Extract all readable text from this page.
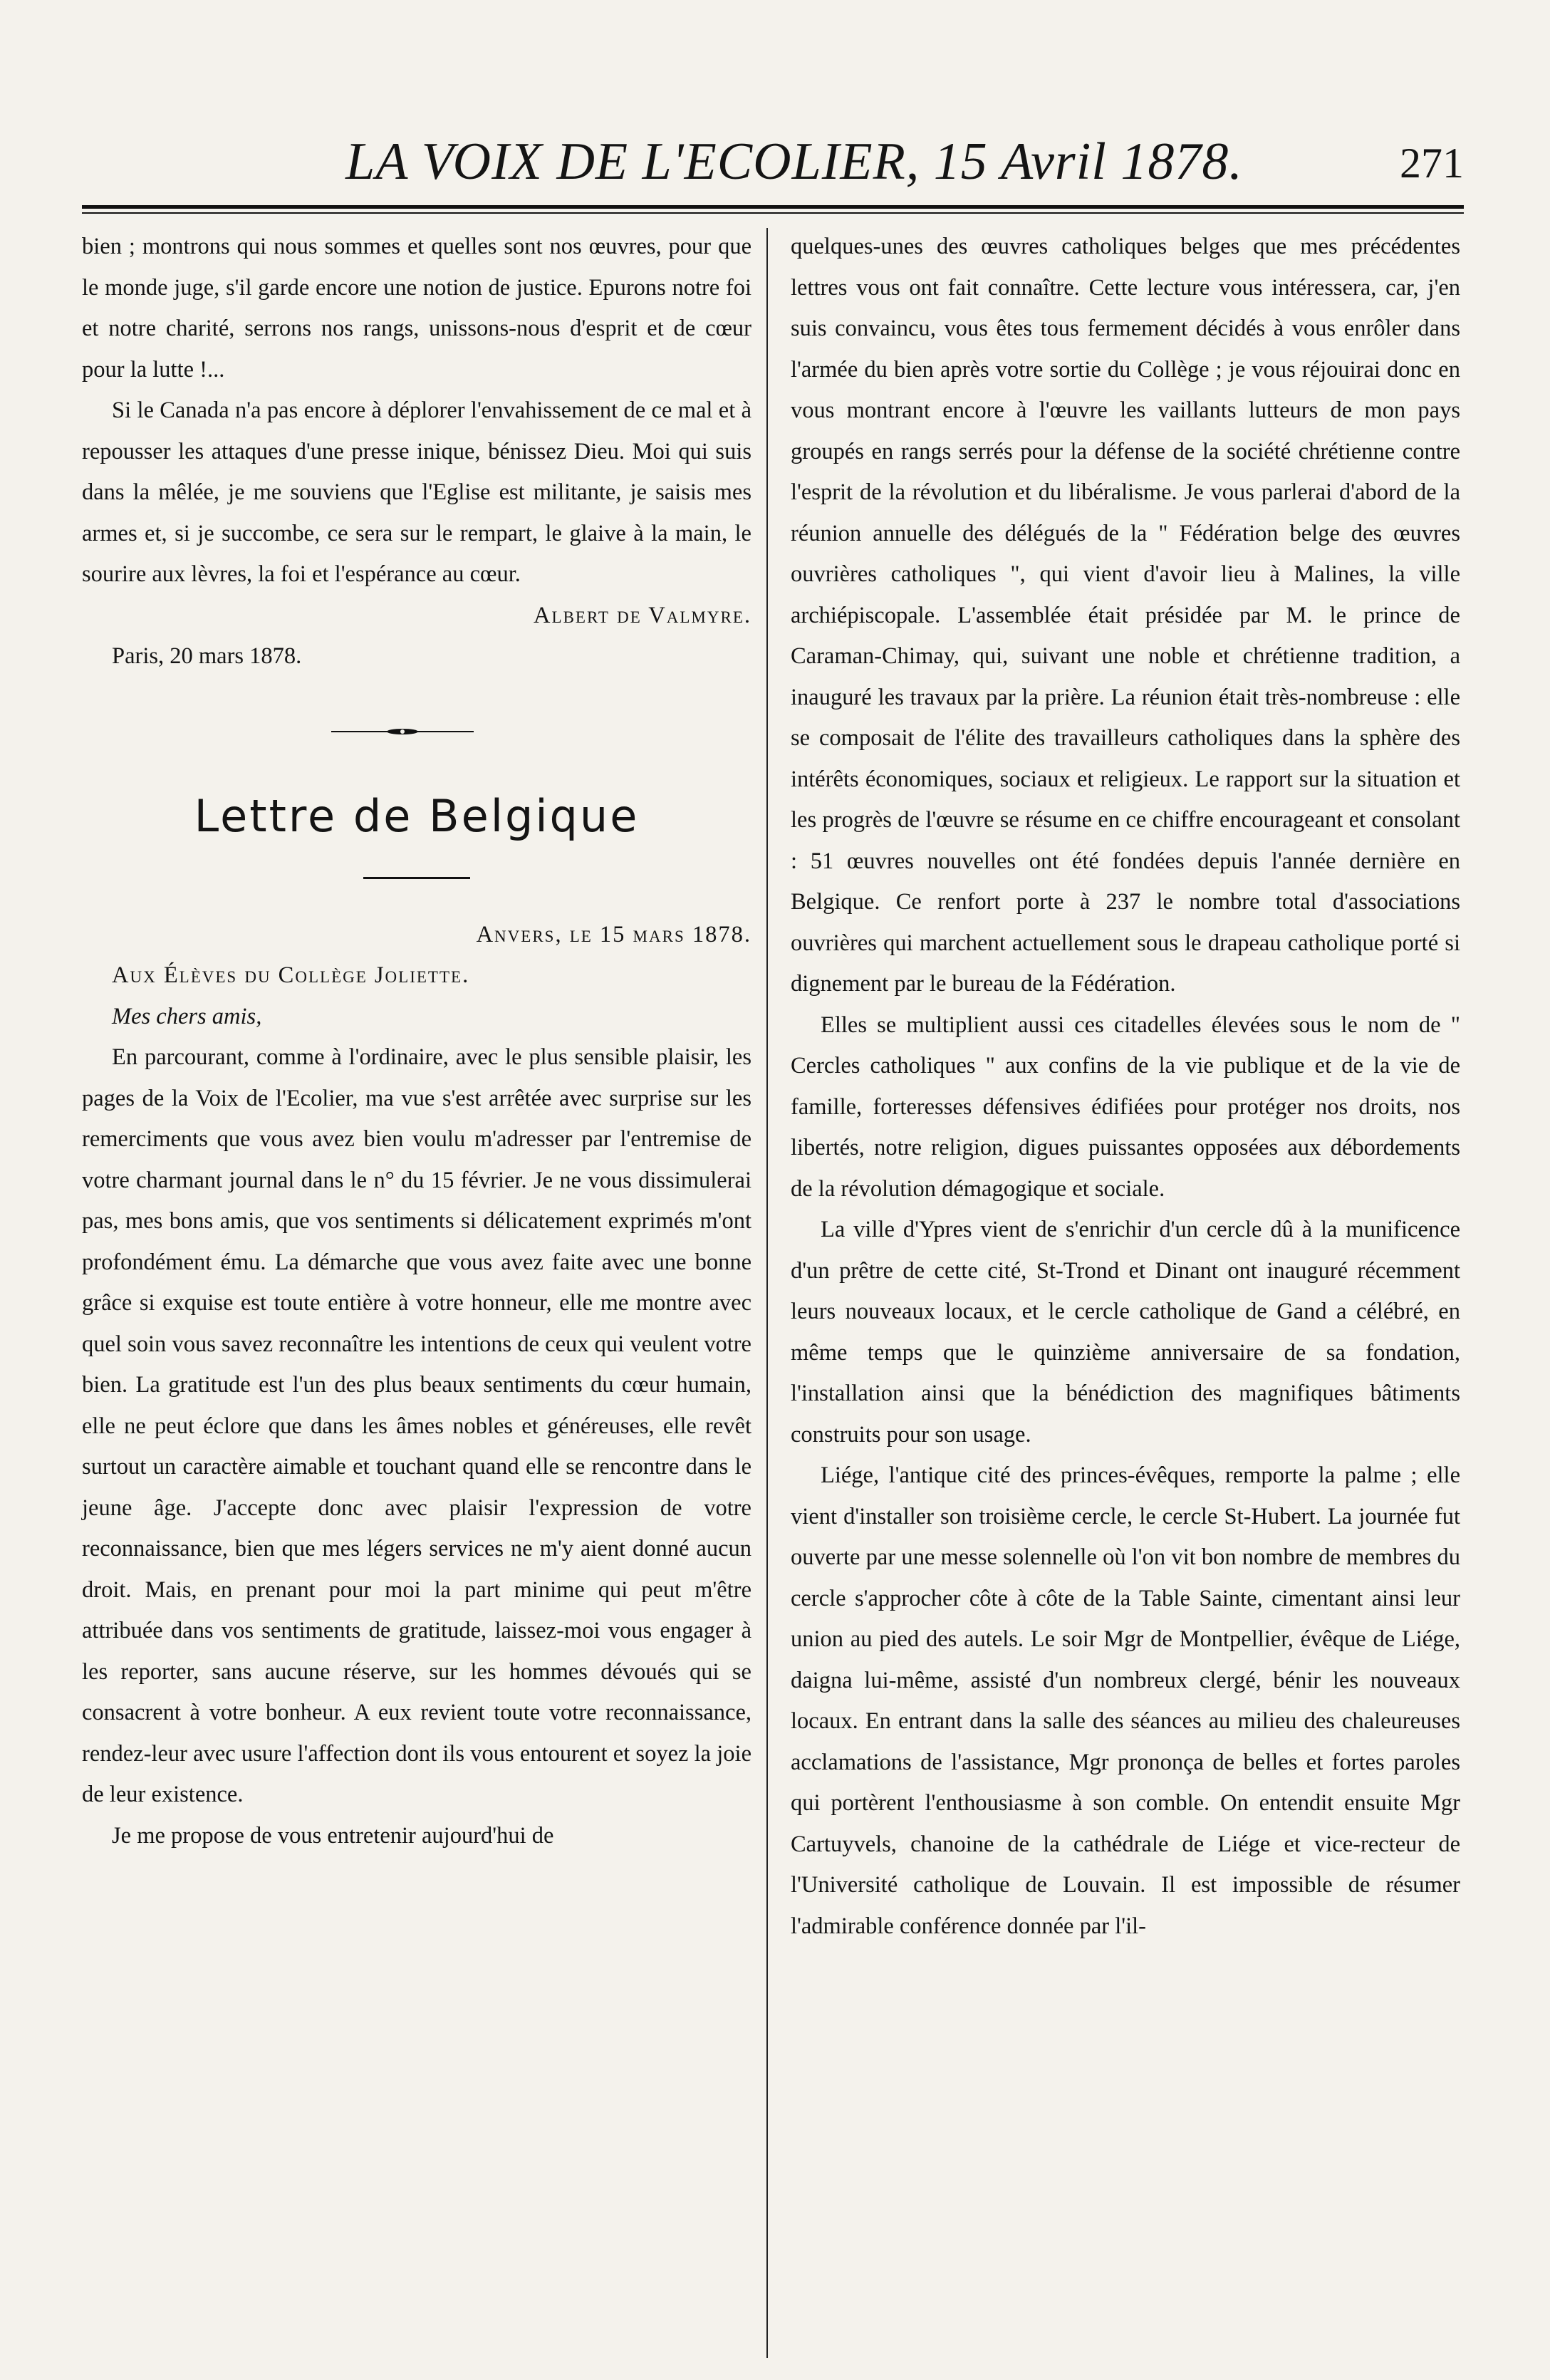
LA VOIX DE L'ECOLIER, 15 Avril 1878.	271

bien ; montrons qui nous sommes et quelles sont nos œuvres, pour que le monde juge, s'il garde encore une notion de justice. Epurons notre foi et notre charité, serrons nos rangs, unissons-nous d'esprit et de cœur pour la lutte !...

Si le Canada n'a pas encore à déplorer l'envahissement de ce mal et à repousser les attaques d'une presse inique, bénissez Dieu. Moi qui suis dans la mêlée, je me souviens que l'Eglise est militante, je saisis mes armes et, si je succombe, ce sera sur le rempart, le glaive à la main, le sourire aux lèvres, la foi et l'espérance au cœur.

Albert de Valmyre.

Paris, 20 mars 1878.

Lettre de Belgique

Anvers, le 15 mars 1878.

Aux Élèves du Collège Joliette.

Mes chers amis,

En parcourant, comme à l'ordinaire, avec le plus sensible plaisir, les pages de la Voix de l'Ecolier, ma vue s'est arrêtée avec surprise sur les remerciments que vous avez bien voulu m'adresser par l'entremise de votre charmant journal dans le n° du 15 février. Je ne vous dissimulerai pas, mes bons amis, que vos sentiments si délicatement exprimés m'ont profondément ému. La démarche que vous avez faite avec une bonne grâce si exquise est toute entière à votre honneur, elle me montre avec quel soin vous savez reconnaître les intentions de ceux qui veulent votre bien. La gratitude est l'un des plus beaux sentiments du cœur humain, elle ne peut éclore que dans les âmes nobles et généreuses, elle revêt surtout un caractère aimable et touchant quand elle se rencontre dans le jeune âge. J'accepte donc avec plaisir l'expression de votre reconnaissance, bien que mes légers services ne m'y aient donné aucun droit. Mais, en prenant pour moi la part minime qui peut m'être attribuée dans vos sentiments de gratitude, laissez-moi vous engager à les reporter, sans aucune réserve, sur les hommes dévoués qui se consacrent à votre bonheur. A eux revient toute votre reconnaissance, rendez-leur avec usure l'affection dont ils vous entourent et soyez la joie de leur existence.

Je me propose de vous entretenir aujourd'hui de

quelques-unes des œuvres catholiques belges que mes précédentes lettres vous ont fait connaître. Cette lecture vous intéressera, car, j'en suis convaincu, vous êtes tous fermement décidés à vous enrôler dans l'armée du bien après votre sortie du Collège ; je vous réjouirai donc en vous montrant encore à l'œuvre les vaillants lutteurs de mon pays groupés en rangs serrés pour la défense de la société chrétienne contre l'esprit de la révolution et du libéralisme. Je vous parlerai d'abord de la réunion annuelle des délégués de la " Fédération belge des œuvres ouvrières catholiques ", qui vient d'avoir lieu à Malines, la ville archiépiscopale. L'assemblée était présidée par M. le prince de Caraman-Chimay, qui, suivant une noble et chrétienne tradition, a inauguré les travaux par la prière. La réunion était très-nombreuse : elle se composait de l'élite des travailleurs catholiques dans la sphère des intérêts économiques, sociaux et religieux. Le rapport sur la situation et les progrès de l'œuvre se résume en ce chiffre encourageant et consolant : 51 œuvres nouvelles ont été fondées depuis l'année dernière en Belgique. Ce renfort porte à 237 le nombre total d'associations ouvrières qui marchent actuellement sous le drapeau catholique porté si dignement par le bureau de la Fédération.

Elles se multiplient aussi ces citadelles élevées sous le nom de " Cercles catholiques " aux confins de la vie publique et de la vie de famille, forteresses défensives édifiées pour protéger nos droits, nos libertés, notre religion, digues puissantes opposées aux débordements de la révolution démagogique et sociale.

La ville d'Ypres vient de s'enrichir d'un cercle dû à la munificence d'un prêtre de cette cité, St-Trond et Dinant ont inauguré récemment leurs nouveaux locaux, et le cercle catholique de Gand a célébré, en même temps que le quinzième anniversaire de sa fondation, l'installation ainsi que la bénédiction des magnifiques bâtiments construits pour son usage.

Liége, l'antique cité des princes-évêques, remporte la palme ; elle vient d'installer son troisième cercle, le cercle St-Hubert. La journée fut ouverte par une messe solennelle où l'on vit bon nombre de membres du cercle s'approcher côte à côte de la Table Sainte, cimentant ainsi leur union au pied des autels. Le soir Mgr de Montpellier, évêque de Liége, daigna lui-même, assisté d'un nombreux clergé, bénir les nouveaux locaux. En entrant dans la salle des séances au milieu des chaleureuses acclamations de l'assistance, Mgr prononça de belles et fortes paroles qui portèrent l'enthousiasme à son comble. On entendit ensuite Mgr Cartuyvels, chanoine de la cathédrale de Liége et vice-recteur de l'Université catholique de Louvain. Il est impossible de résumer l'admirable conférence donnée par l'il-
